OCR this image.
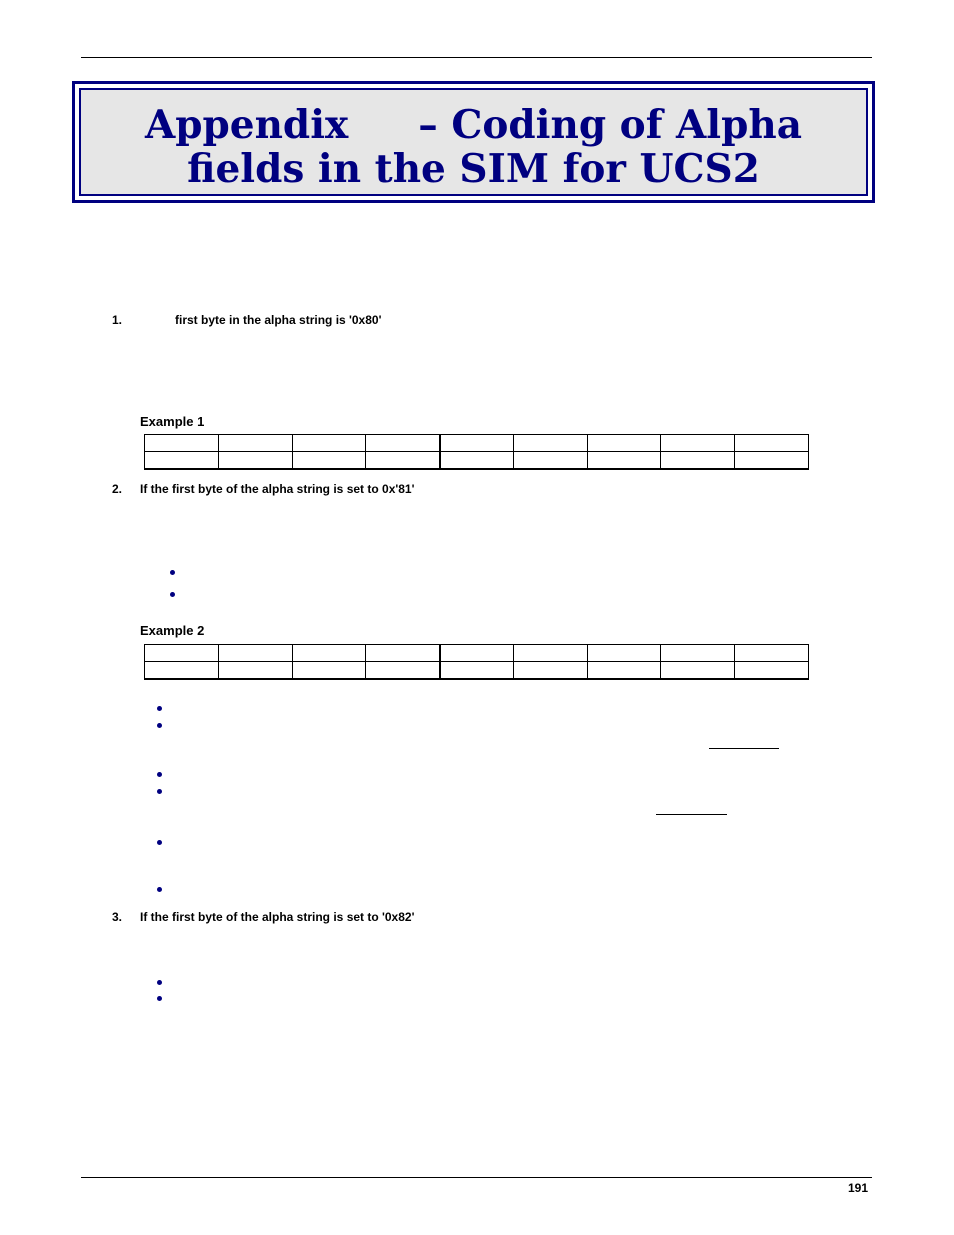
Appendix – Coding of Alpha
fields in the SIM for UCS2
1.	first byte in the alpha string is '0x80'
Example 1

2. If the first byte of the alpha string is set to 0x'81'
Example 2

3. If the first byte of the alpha string is set to '0x82'
191
